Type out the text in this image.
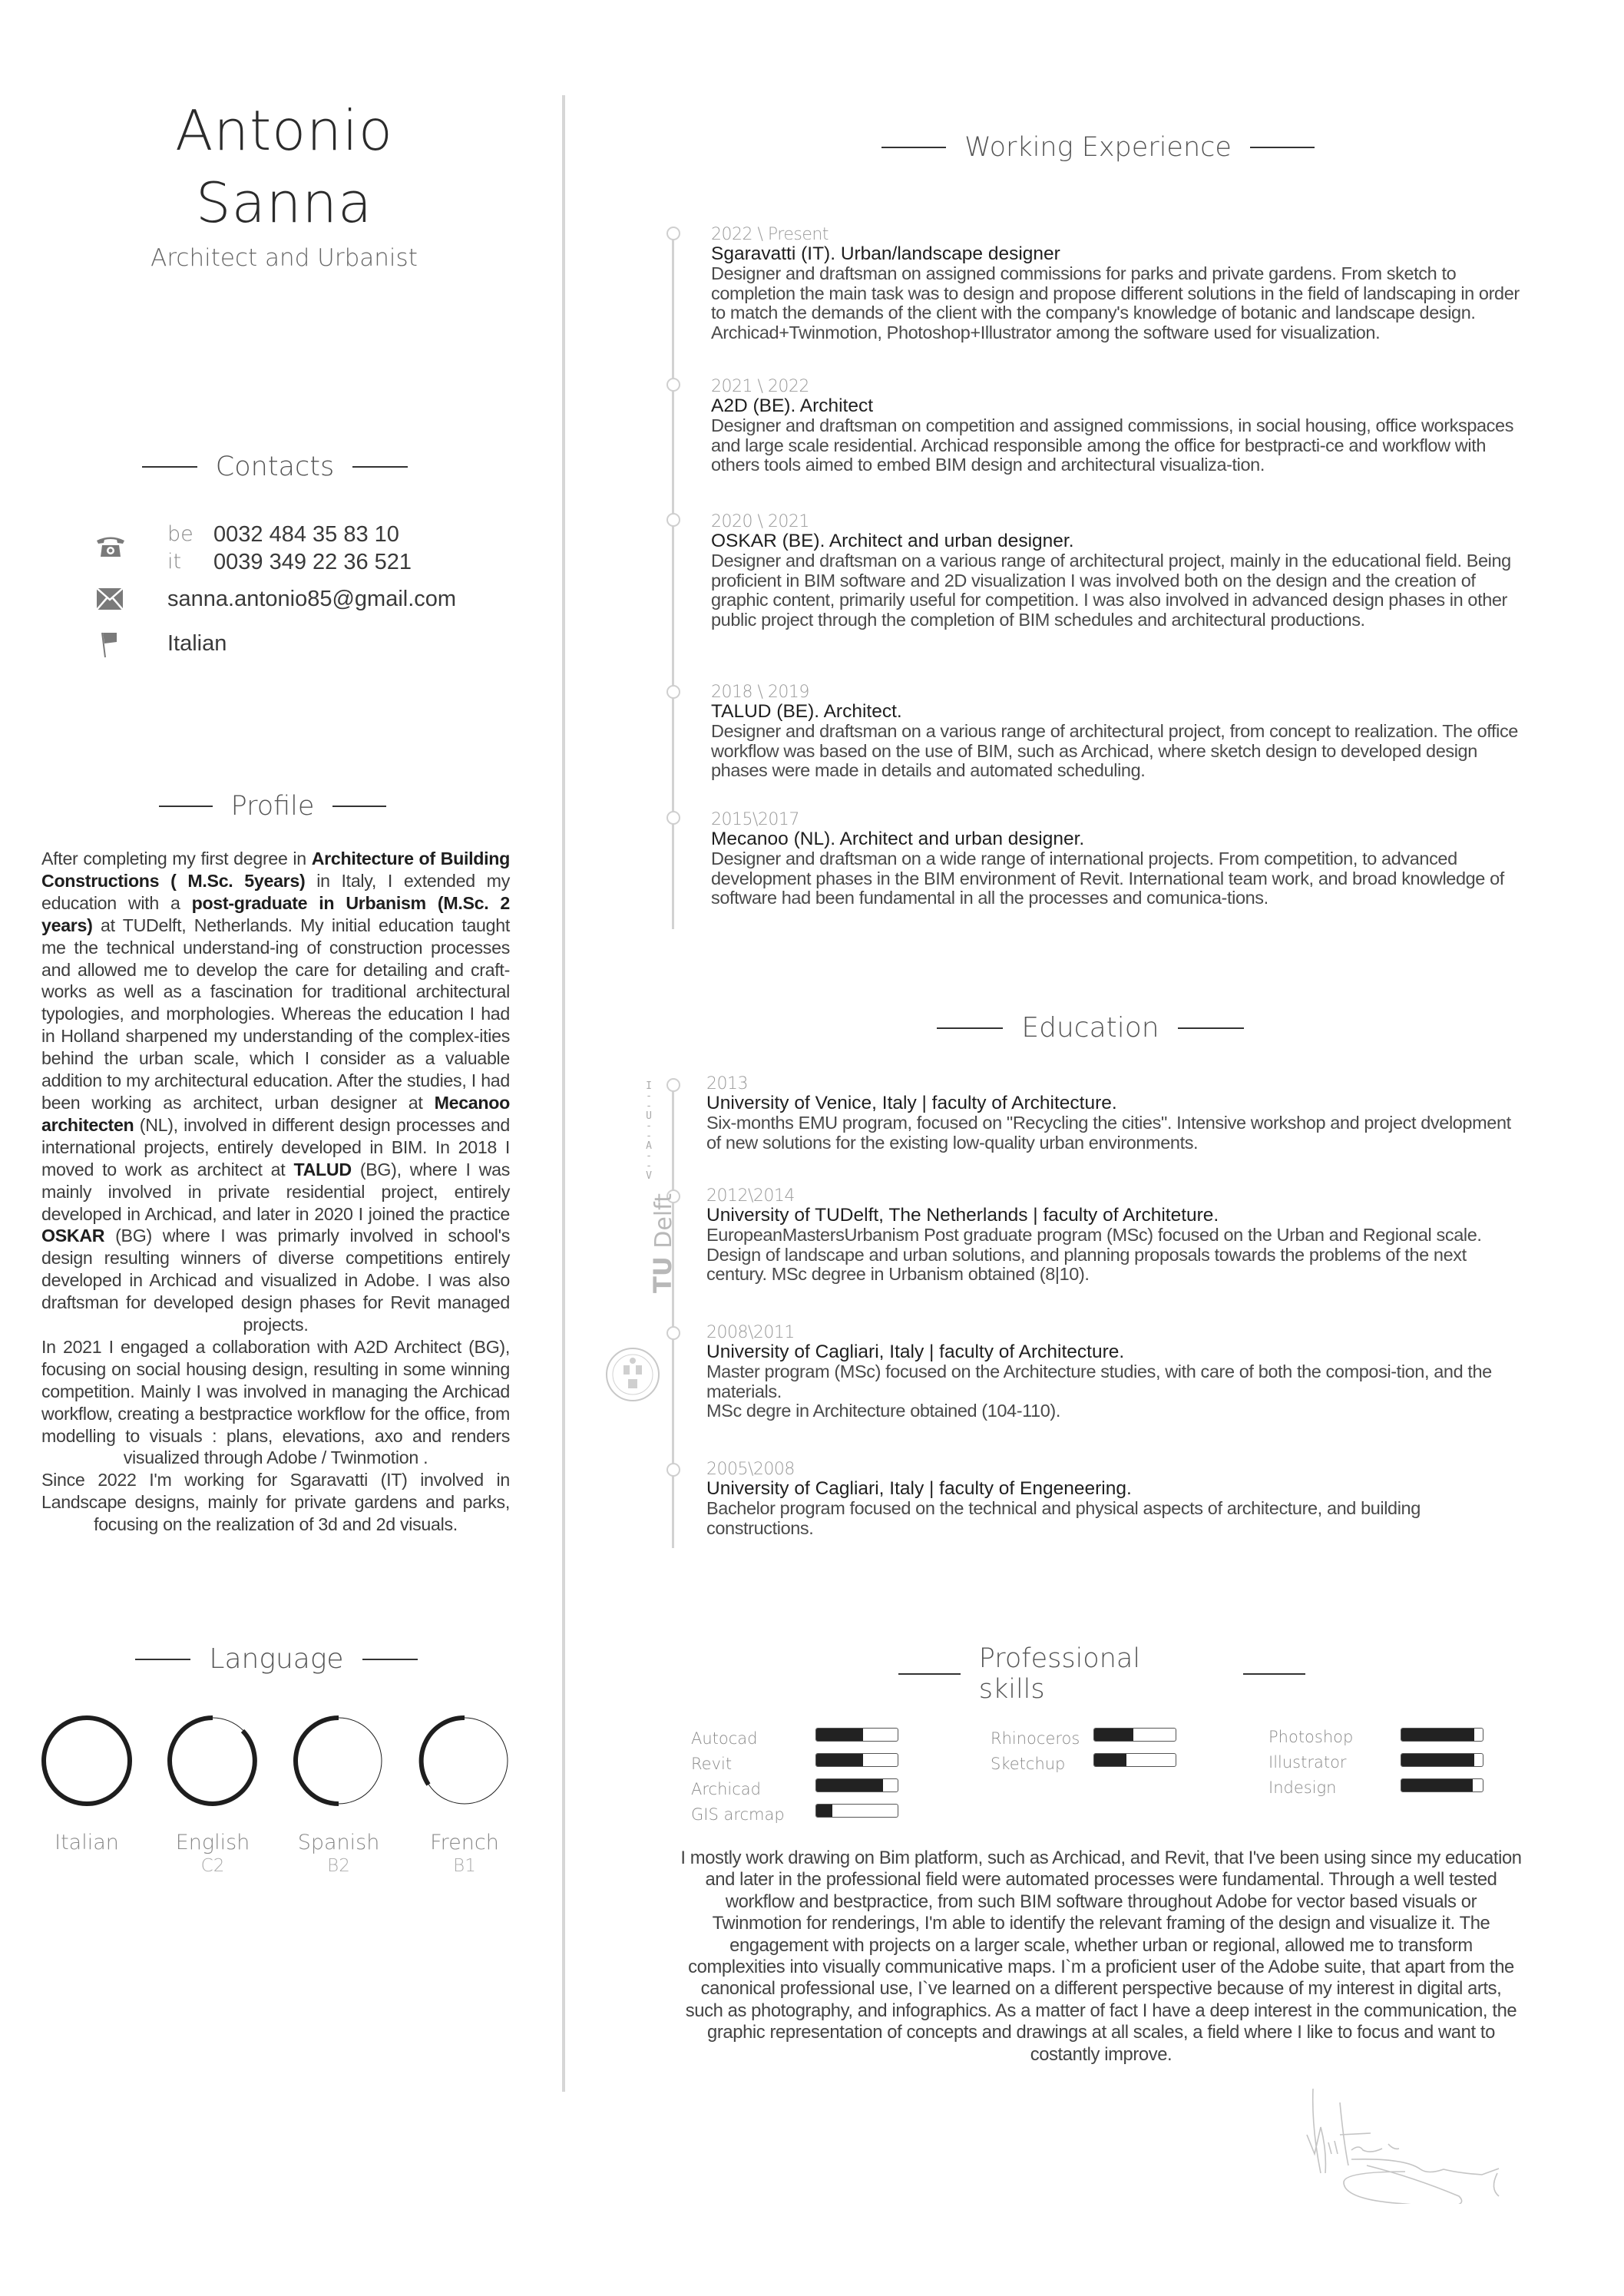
Antonio
Sanna
Architect and Urbanist
Contacts
be 0032 484 35 83 10
it 0039 349 22 36 521
sanna.antonio85@gmail.com
Italian
Profile
After completing my first degree in Architecture of Building Constructions ( M.Sc. 5years) in Italy, I extended my education with a post-graduate in Urbanism (M.Sc. 2 years) at TUDelft, Netherlands. My initial education taught me the technical understand-ing of construction processes and allowed me to develop the care for detailing and craft-works as well as a fascination for traditional architectural typologies, and morphologies. Whereas the education I had in Holland sharpened my understanding of the complex-ities behind the urban scale, which I consider as a valuable addition to my architectural education. After the studies, I had been working as architect, urban designer at Mecanoo architecten (NL), involved in different design processes and international projects, entirely developed in BIM. In 2018 I moved to work as architect at TALUD (BG), where I was mainly involved in private residential project, entirely developed in Archicad, and later in 2020 I joined the practice OSKAR (BG) where I was primarly involved in school's design resulting winners of diverse competitions entirely developed in Archicad and visualized in Adobe. I was also draftsman for developed design phases for Revit managed projects.
In 2021 I engaged a collaboration with A2D Architect (BG), focusing on social housing design, resulting in some winning competition. Mainly I was involved in managing the Archicad workflow, creating a bestpractice workflow for the office, from modelling to visuals : plans, elevations, axo and renders visualized through Adobe / Twinmotion .
Since 2022 I'm working for Sgaravatti (IT) involved in Landscape designs, mainly for private gardens and parks, focusing on the realization of 3d and 2d visuals.
Language
Italian	English
C2
Spanish
B2
French
B1
Working Experience
2022 \ Present
Sgaravatti (IT). Urban/landscape designer
Designer and draftsman on assigned commissions for parks and private gardens. From sketch to completion the main task was to design and propose different solutions in the field of landscaping in order to match the demands of the client with the company's knowledge of botanic and landscape design. Archicad+Twinmotion, Photoshop+Illustrator among the software used for visualization.
2021 \ 2022
A2D (BE). Architect
Designer and draftsman on competition and assigned commissions, in social housing, office workspaces and large scale residential. Archicad responsible among the office for bestpracti-ce and workflow with others tools aimed to embed BIM design and architectural visualiza-tion.
2020 \ 2021
OSKAR (BE). Architect and urban designer.
Designer and draftsman on a various range of architectural project, mainly in the educational field. Being proficient in BIM software and 2D visualization I was involved both on the design and the creation of graphic content, primarily useful for competition. I was also involved in advanced design phases in other public project through the completion of BIM schedules and architectural productions.
2018 \ 2019
TALUD (BE). Architect.
Designer and draftsman on a various range of architectural project, from concept to realization. The office workflow was based on the use of BIM, such as Archicad, where sketch design to developed design phases were made in details and automated scheduling.
2015\2017
Mecanoo (NL). Architect and urban designer.
Designer and draftsman on a wide range of international projects. From competition, to advanced development phases in the BIM environment of Revit. International team work, and broad knowledge of software had been fundamental in all the processes and comunica-tions.
Education
I
- -
U
- -
A
- -
V
TU Delft
2013
University of Venice, Italy | faculty of Architecture.
Six-months EMU program, focused on "Recycling the cities". Intensive workshop and project dvelopment of new solutions for the existing low-quality urban environments.
2012\2014
University of TUDelft, The Netherlands | faculty of Architeture.
EuropeanMastersUrbanism Post graduate program (MSc) focused on the Urban and Regional scale. Design of landscape and urban solutions, and planning proposals towards the problems of the next century. MSc degree in Urbanism obtained (8|10).
2008\2011
University of Cagliari, Italy | faculty of Architecture.
Master program (MSc) focused on the Architecture studies, with care of both the composi-tion, and the materials.
MSc degre in Architecture obtained (104-110).
2005\2008
University of Cagliari, Italy | faculty of Engeneering.
Bachelor program focused on the technical and physical aspects of architecture, and building constructions.
Professional skills
Autocad
Revit
Archicad
GIS arcmap
Rhinoceros
Sketchup
Photoshop
Illustrator
Indesign
I mostly work drawing on Bim platform, such as Archicad, and Revit, that I've been using since my education and later in the professional field were automated processes were fundamental. Through a well tested workflow and bestpractice, from such BIM software throughout Adobe for vector based visuals or Twinmotion for renderings, I'm able to identify the relevant framing of the design and visualize it. The engagement with projects on a larger scale, whether urban or regional, allowed me to transform complexities into visually communicative maps. I`m a proficient user of the Adobe suite, that apart from the canonical professional use, I`ve learned on a different perspective because of my interest in digital arts, such as photography, and infographics. As a matter of fact I have a deep interest in the communication, the graphic representation of concepts and drawings at all scales, a field where I like to focus and want to costantly improve.
